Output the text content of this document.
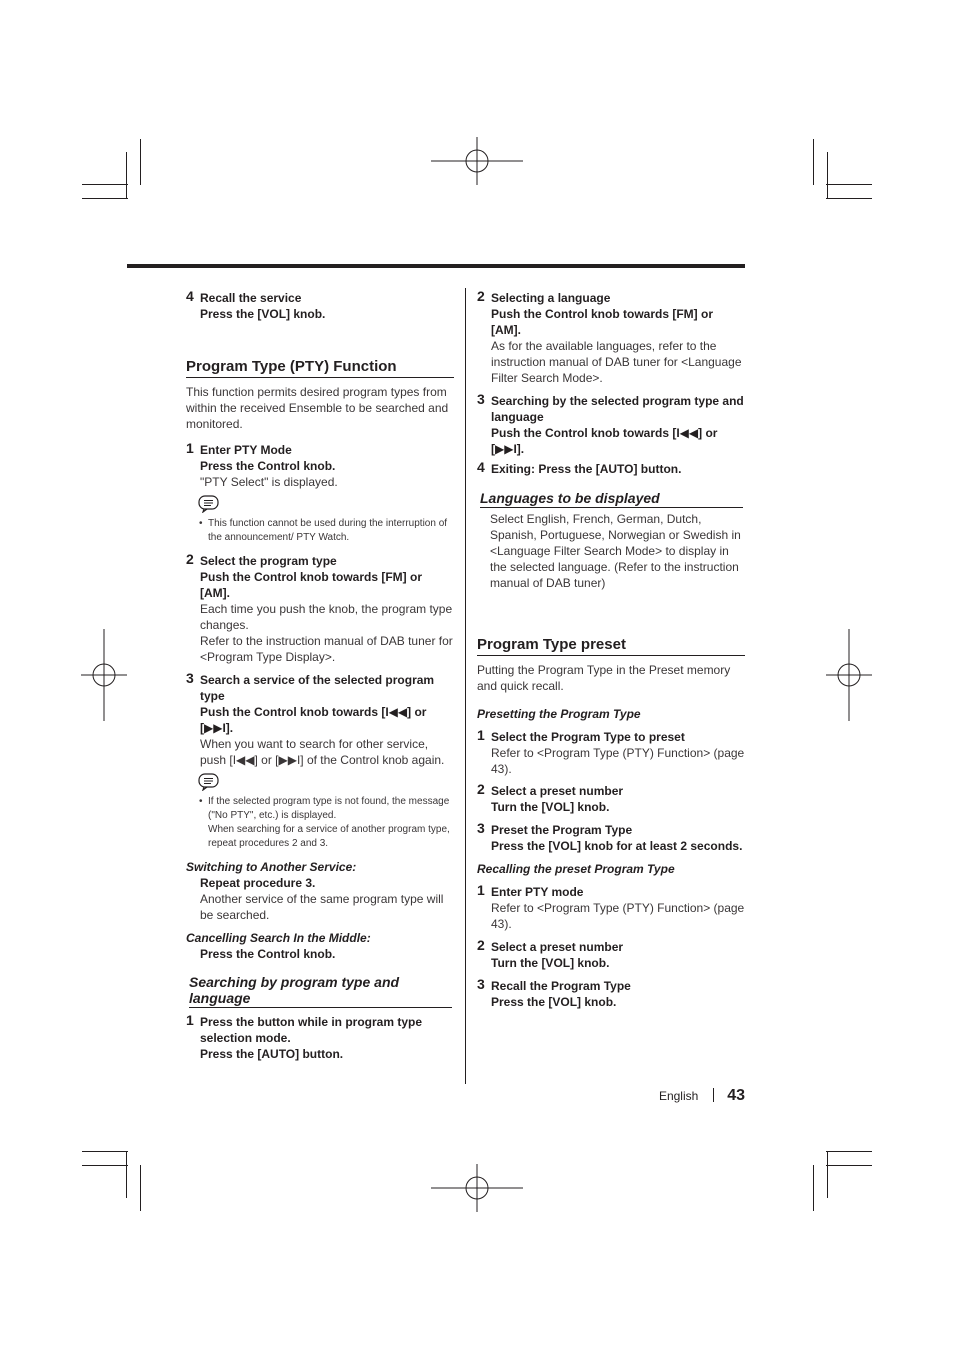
4 Recall the service
Press the [VOL] knob.
Program Type (PTY) Function
This function permits desired program types from within the received Ensemble to be searched and monitored.
1 Enter PTY Mode
Press the Control knob.
"PTY Select" is displayed.
• This function cannot be used during the interruption of the announcement/ PTY Watch.
2 Select the program type
Push the Control knob towards [FM] or [AM].
Each time you push the knob, the program type changes.
Refer to the instruction manual of DAB tuner for <Program Type Display>.
3 Search a service of the selected program type
Push the Control knob towards [I◀◀] or [▶▶I].
When you want to search for other service, push [I◀◀] or [▶▶I] of the Control knob again.
• If the selected program type is not found, the message ("No PTY", etc.) is displayed.
When searching for a service of another program type, repeat procedures 2 and 3.
Switching to Another Service:
Repeat procedure 3.
Another service of the same program type will be searched.
Cancelling Search In the Middle:
Press the Control knob.
Searching by program type and language
1 Press the button while in program type selection mode.
Press the [AUTO] button.
2 Selecting a language
Push the Control knob towards [FM] or [AM].
As for the available languages, refer to the instruction manual of DAB tuner for <Language Filter Search Mode>.
3 Searching by the selected program type and language
Push the Control knob towards [I◀◀] or [▶▶I].
4 Exiting: Press the [AUTO] button.
Languages to be displayed
Select English, French, German, Dutch, Spanish, Portuguese, Norwegian or Swedish in <Language Filter Search Mode> to display in the selected language. (Refer to the instruction manual of DAB tuner)
Program Type preset
Putting the Program Type in the Preset memory and quick recall.
Presetting the Program Type
1 Select the Program Type to preset
Refer to <Program Type (PTY) Function> (page 43).
2 Select a preset number
Turn the [VOL] knob.
3 Preset the Program Type
Press the [VOL] knob for at least 2 seconds.
Recalling the preset Program Type
1 Enter PTY mode
Refer to <Program Type (PTY) Function> (page 43).
2 Select a preset number
Turn the [VOL] knob.
3 Recall the Program Type
Press the [VOL] knob.
English 43
